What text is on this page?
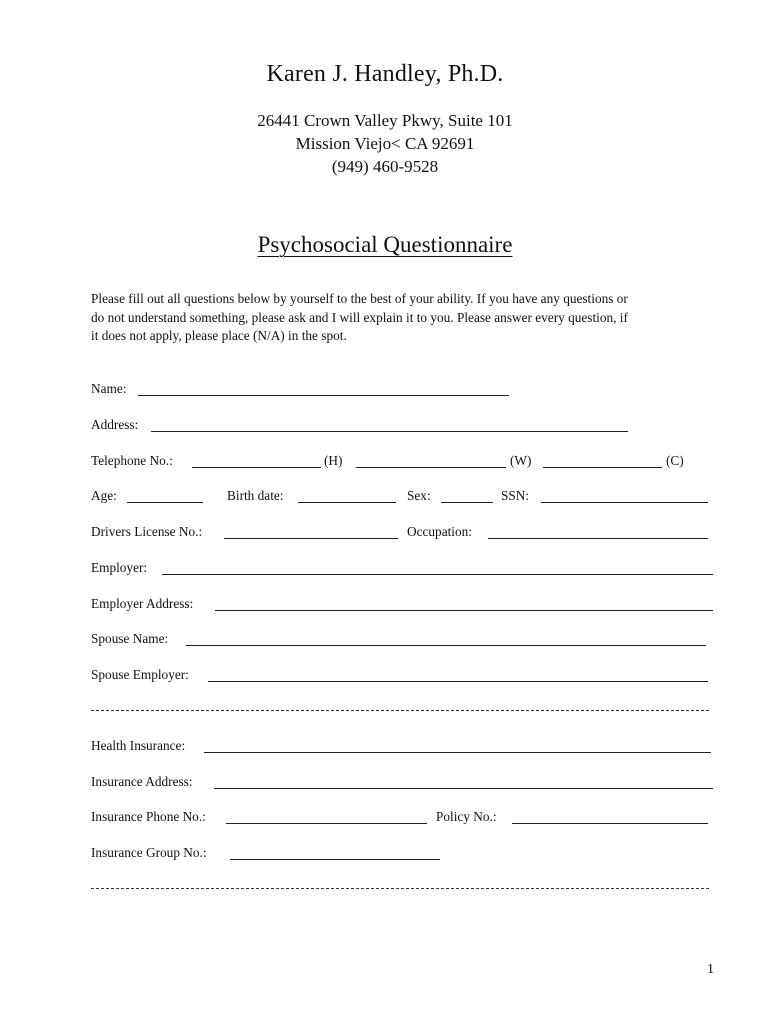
Karen J. Handley, Ph.D.
26441 Crown Valley Pkwy, Suite 101
Mission Viejo< CA 92691
(949) 460-9528
Psychosocial Questionnaire
Please fill out all questions below by yourself to the best of your ability. If you have any questions or
do not understand something, please ask and I will explain it to you. Please answer every question, if
it does not apply, please place (N/A) in the spot.
Name:
Address:
Telephone No.:	(H)	(W)	(C)
Age:	Birth date:	Sex:	SSN:
Drivers License No.:	Occupation:
Employer:
Employer Address:
Spouse Name:
Spouse Employer:
Health Insurance:
Insurance Address:
Insurance Phone No.:	Policy No.:
Insurance Group No.:
1
